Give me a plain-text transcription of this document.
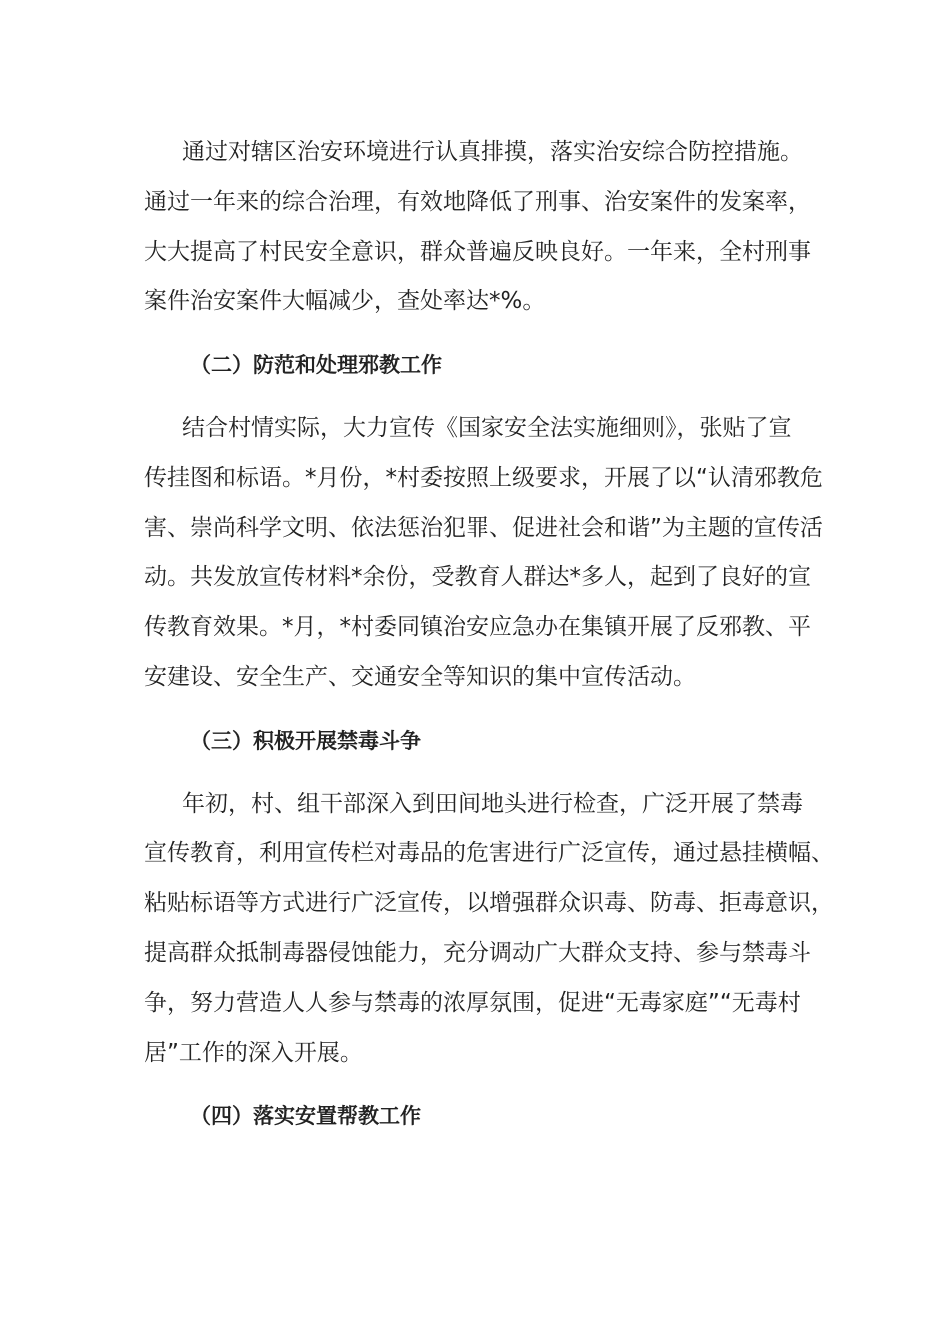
通过对辖区治安环境进行认真排摸，落实治安综合防控措施。
通过一年来的综合治理，有效地降低了刑事、治安案件的发案率，
大大提高了村民安全意识，群众普遍反映良好。一年来，全村刑事
案件治安案件大幅减少，查处率达*%。

（二）防范和处理邪教工作

结合村情实际，大力宣传《国家安全法实施细则》，张贴了宣
传挂图和标语。*月份，*村委按照上级要求，开展了以“认清邪教危
害、崇尚科学文明、依法惩治犯罪、促进社会和谐”为主题的宣传活
动。共发放宣传材料*余份，受教育人群达*多人，起到了良好的宣
传教育效果。*月，*村委同镇治安应急办在集镇开展了反邪教、平
安建设、安全生产、交通安全等知识的集中宣传活动。

（三）积极开展禁毒斗争

年初，村、组干部深入到田间地头进行检查，广泛开展了禁毒
宣传教育，利用宣传栏对毒品的危害进行广泛宣传，通过悬挂横幅、
粘贴标语等方式进行广泛宣传，以增强群众识毒、防毒、拒毒意识，
提高群众抵制毒器侵蚀能力，充分调动广大群众支持、参与禁毒斗
争，努力营造人人参与禁毒的浓厚氛围，促进“无毒家庭”“无毒村
居”工作的深入开展。

（四）落实安置帮教工作
